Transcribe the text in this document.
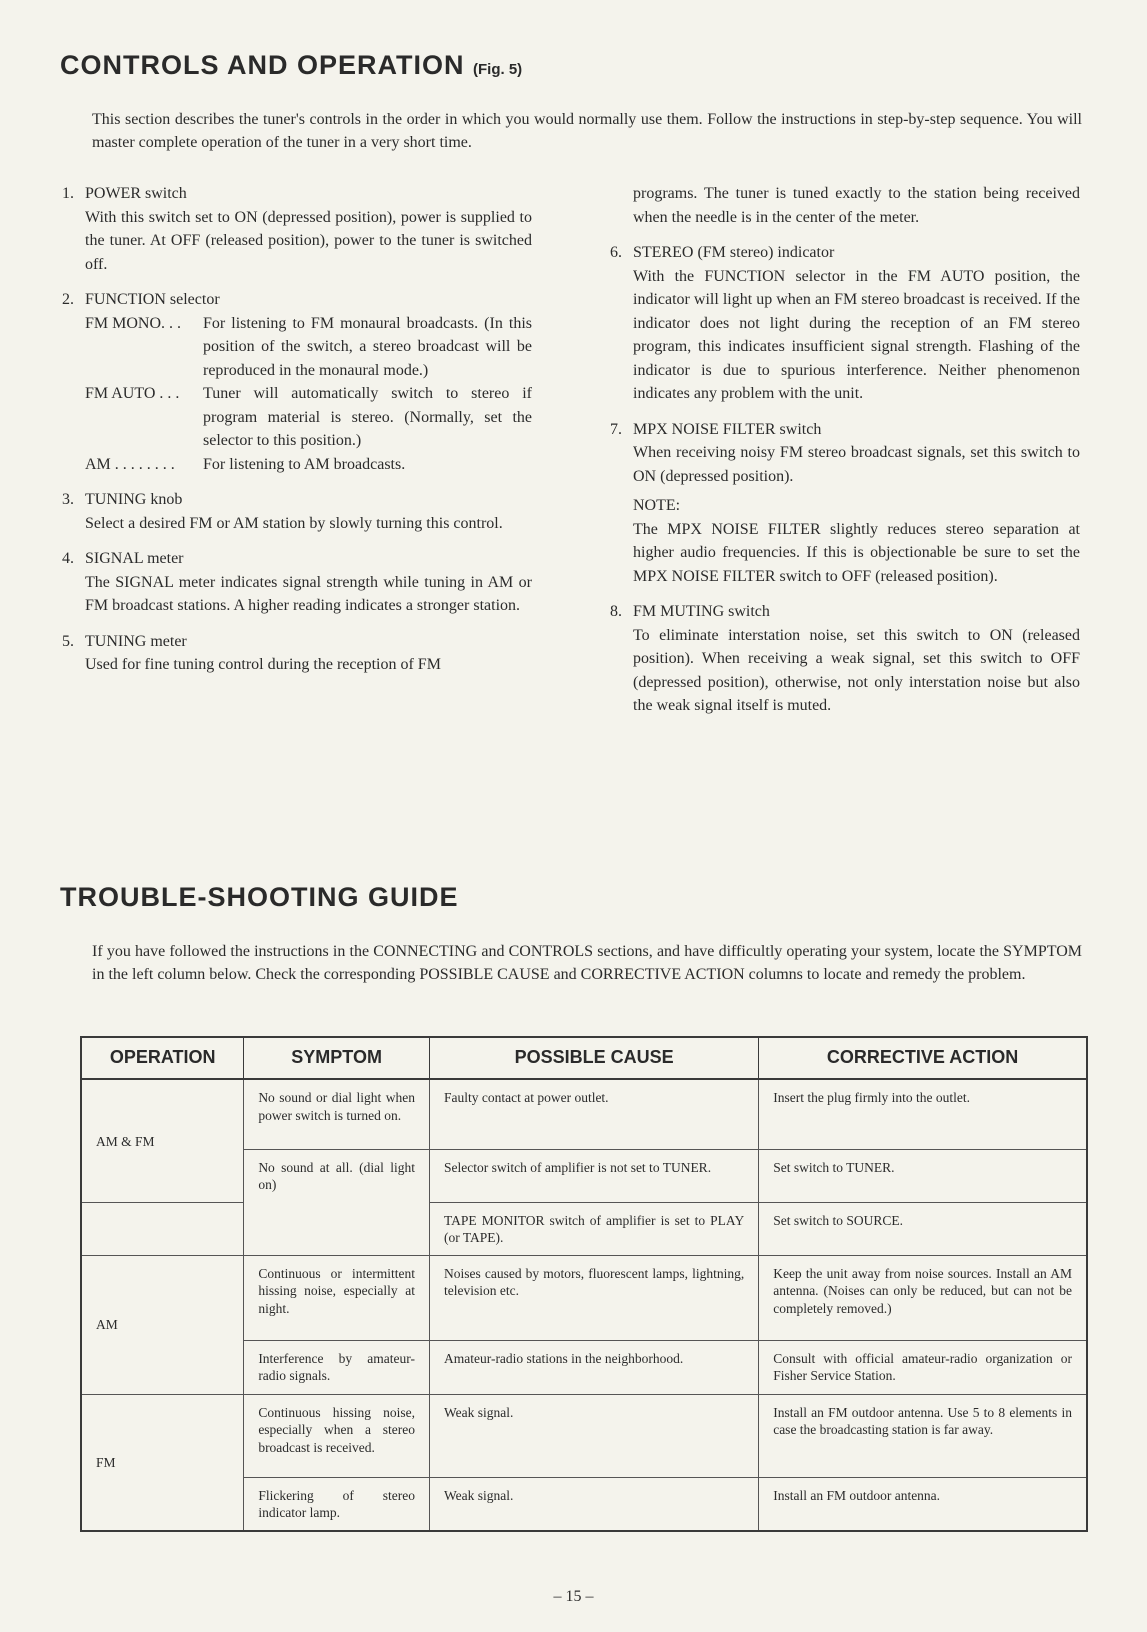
CONTROLS AND OPERATION (Fig. 5)

This section describes the tuner's controls in the order in which you would normally use them. Follow the instructions in step-by-step sequence. You will master complete operation of the tuner in a very short time.

1. POWER switch

With this switch set to ON (depressed position), power is supplied to the tuner. At OFF (released position), power to the tuner is switched off.

2. FUNCTION selector
FM MONO. . .	For listening to FM monaural broadcasts. (In this position of the switch, a stereo broadcast will be reproduced in the monaural mode.)
FM AUTO . . .	Tuner will automatically switch to stereo if program material is stereo. (Normally, set the selector to this position.)
AM . . . . . . . .	For listening to AM broadcasts.
3. TUNING knob

Select a desired FM or AM station by slowly turning this control.

4. SIGNAL meter

The SIGNAL meter indicates signal strength while tuning in AM or FM broadcast stations. A higher reading indicates a stronger station.

5. TUNING meter

Used for fine tuning control during the reception of FM

programs. The tuner is tuned exactly to the station being received when the needle is in the center of the meter.

6. STEREO (FM stereo) indicator

With the FUNCTION selector in the FM AUTO position, the indicator will light up when an FM stereo broadcast is received. If the indicator does not light during the reception of an FM stereo program, this indicates insufficient signal strength. Flashing of the indicator is due to spurious interference. Neither phenomenon indicates any problem with the unit.

7. MPX NOISE FILTER switch

When receiving noisy FM stereo broadcast signals, set this switch to ON (depressed position).

NOTE:

The MPX NOISE FILTER slightly reduces stereo separation at higher audio frequencies. If this is objectionable be sure to set the MPX NOISE FILTER switch to OFF (released position).

8. FM MUTING switch

To eliminate interstation noise, set this switch to ON (released position). When receiving a weak signal, set this switch to OFF (depressed position), otherwise, not only interstation noise but also the weak signal itself is muted.

TROUBLE-SHOOTING GUIDE

If you have followed the instructions in the CONNECTING and CONTROLS sections, and have difficultly operating your system, locate the SYMPTOM in the left column below. Check the corresponding POSSIBLE CAUSE and CORRECTIVE ACTION columns to locate and remedy the problem.

OPERATION	SYMPTOM	POSSIBLE CAUSE	CORRECTIVE ACTION
AM & FM	No sound or dial light when power switch is turned on.	Faulty contact at power outlet.	Insert the plug firmly into the outlet.
	No sound at all. (dial light on)	Selector switch of amplifier is not set to TUNER.	Set switch to TUNER.
		TAPE MONITOR switch of amplifier is set to PLAY (or TAPE).	Set switch to SOURCE.
AM	Continuous or intermittent hissing noise, especially at night.	Noises caused by motors, fluorescent lamps, lightning, television etc.	Keep the unit away from noise sources. Install an AM antenna. (Noises can only be reduced, but can not be completely removed.)
	Interference by amateur-radio signals.	Amateur-radio stations in the neighborhood.	Consult with official amateur-radio organization or Fisher Service Station.
FM	Continuous hissing noise, especially when a stereo broadcast is received.	Weak signal.	Install an FM outdoor antenna. Use 5 to 8 elements in case the broadcasting station is far away.
	Flickering of stereo indicator lamp.	Weak signal.	Install an FM outdoor antenna.
– 15 –
